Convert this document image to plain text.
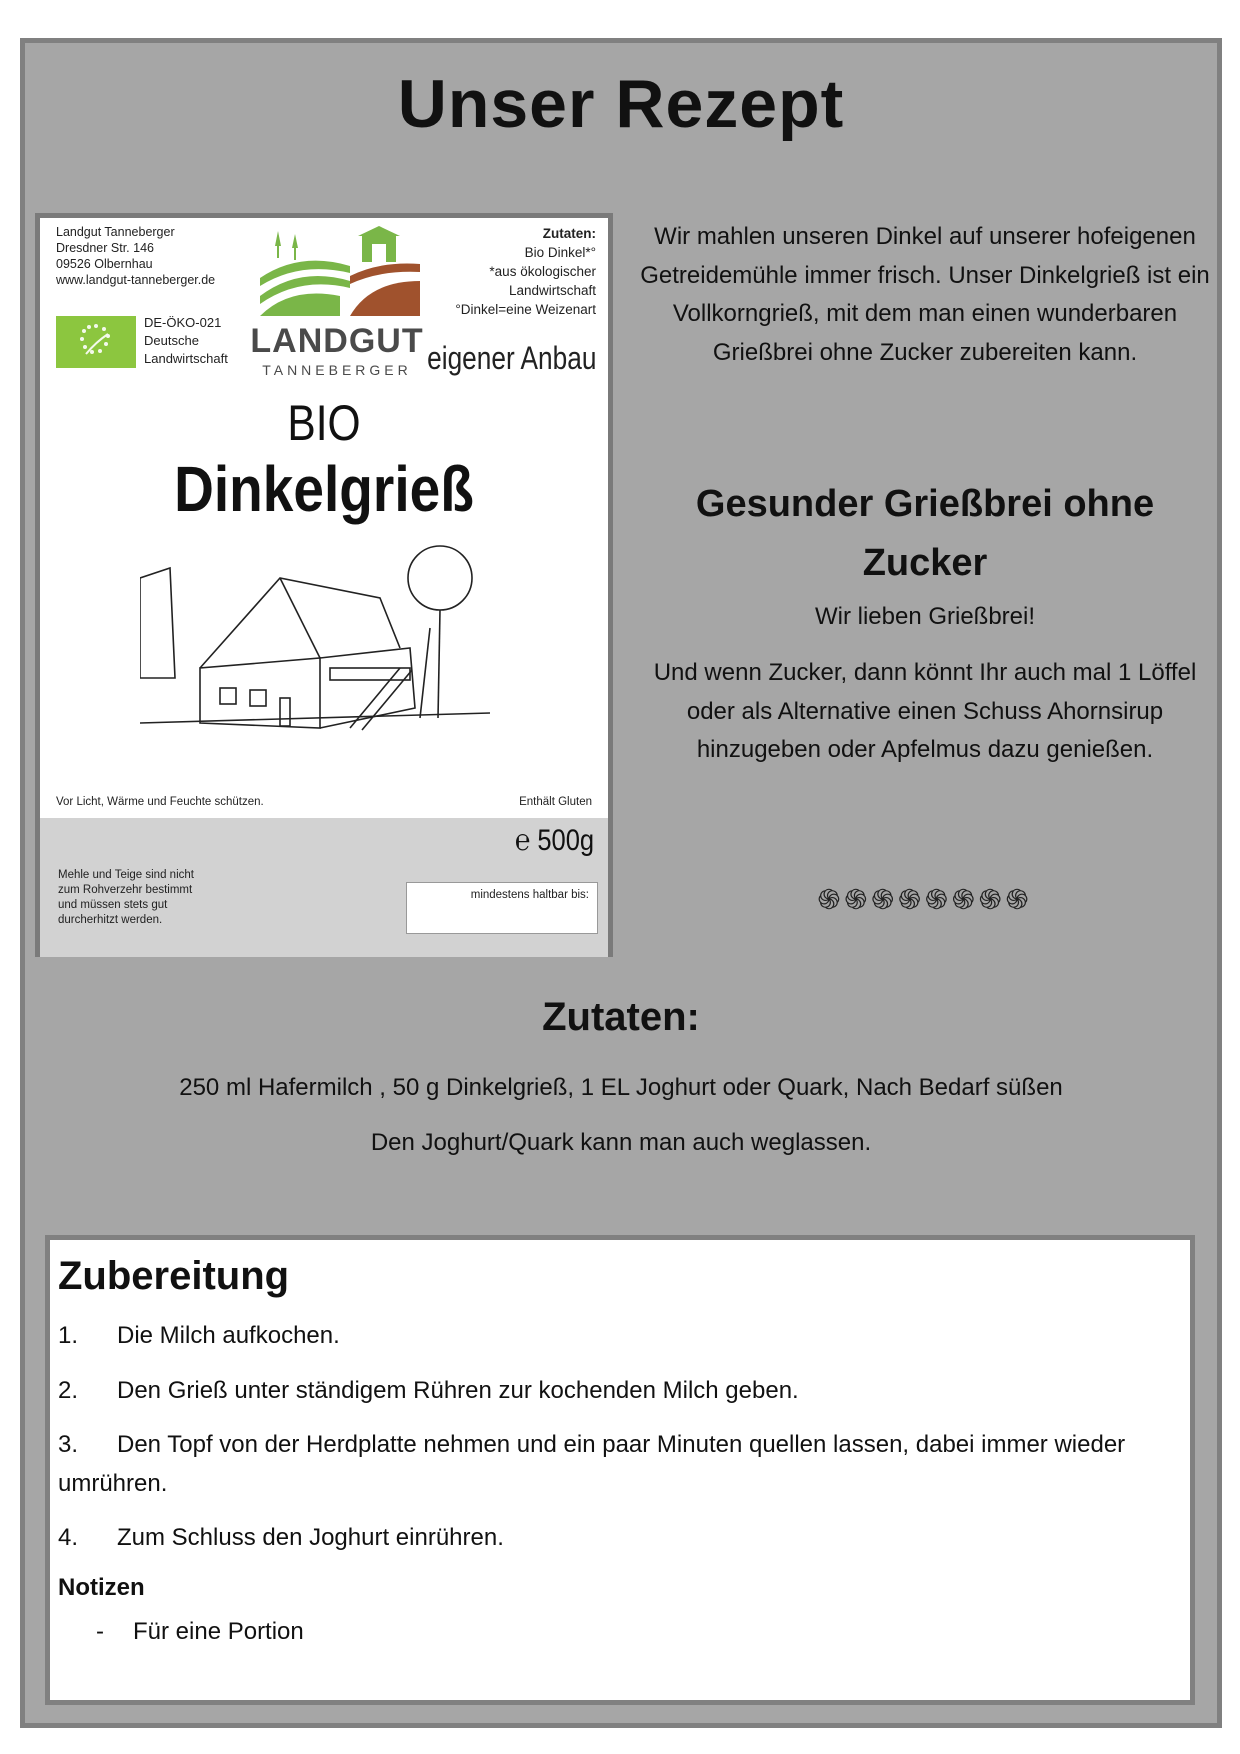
Unser Rezept
Landgut Tanneberger
Dresdner Str. 146
09526 Olbernhau
www.landgut-tanneberger.de
Zutaten:
Bio Dinkel*°
*aus ökologischer
Landwirtschaft
°Dinkel=eine Weizenart
DE-ÖKO-021
Deutsche
Landwirtschaft LANDGUT
TANNEBERGER eigener Anbau
BIO
Dinkelgrieß
Vor Licht, Wärme und Feuchte schützen.	Enthält Gluten
℮ 500g
Mehle und Teige sind nicht
zum Rohverzehr bestimmt
und müssen stets gut
durcherhitzt werden.
mindestens haltbar bis:

Wir mahlen unseren Dinkel auf unserer hofeigenen Getreidemühle immer frisch. Unser Dinkelgrieß ist ein Vollkorngrieß, mit dem man einen wunderbaren Grießbrei ohne Zucker zubereiten kann.

Gesunder Grießbrei ohne Zucker

Wir lieben Grießbrei!

Und wenn Zucker, dann könnt Ihr auch mal 1 Löffel oder als Alternative einen Schuss Ahornsirup hinzugeben oder Apfelmus dazu genießen.

֍֍֍֍֍֍֍֍
Zutaten:

250 ml Hafermilch , 50 g Dinkelgrieß, 1 EL Joghurt oder Quark, Nach Bedarf süßen

Den Joghurt/Quark kann man auch weglassen.

Zubereitung

1. Die Milch aufkochen.

2. Den Grieß unter ständigem Rühren zur kochenden Milch geben.

3. Den Topf von der Herdplatte nehmen und ein paar Minuten quellen lassen, dabei immer wieder umrühren.

4. Zum Schluss den Joghurt einrühren.

Notizen

- Für eine Portion
